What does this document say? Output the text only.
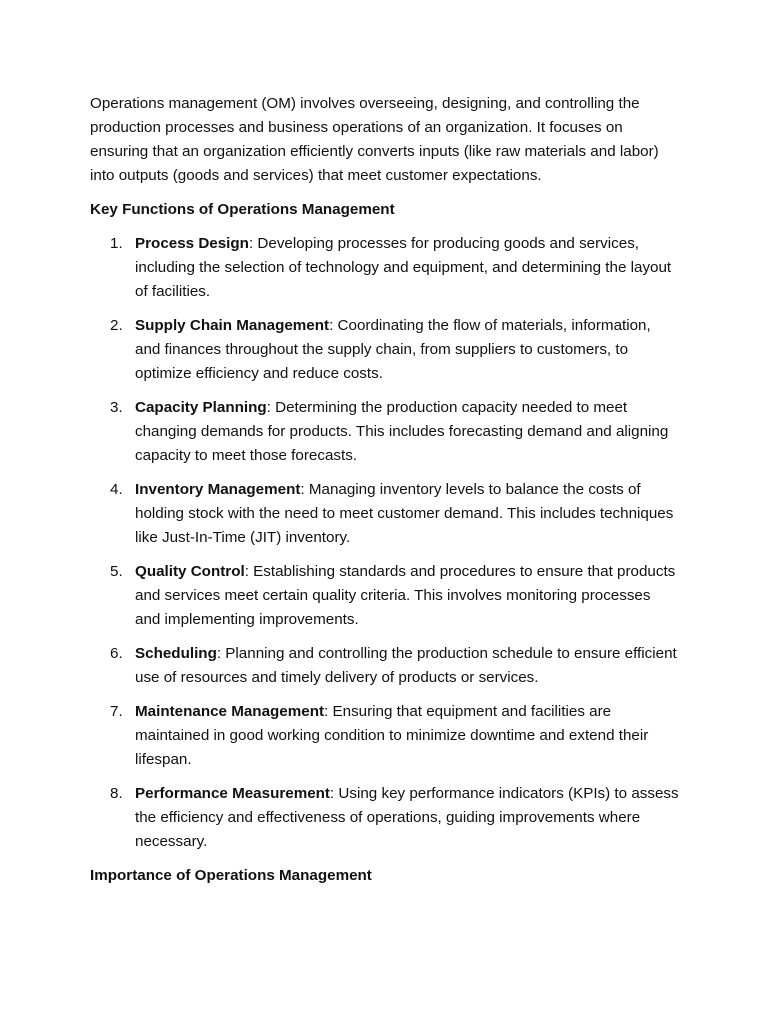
Operations management (OM) involves overseeing, designing, and controlling the production processes and business operations of an organization. It focuses on ensuring that an organization efficiently converts inputs (like raw materials and labor) into outputs (goods and services) that meet customer expectations.

Key Functions of Operations Management

1. Process Design: Developing processes for producing goods and services, including the selection of technology and equipment, and determining the layout of facilities.
2. Supply Chain Management: Coordinating the flow of materials, information, and finances throughout the supply chain, from suppliers to customers, to optimize efficiency and reduce costs.
3. Capacity Planning: Determining the production capacity needed to meet changing demands for products. This includes forecasting demand and aligning capacity to meet those forecasts.
4. Inventory Management: Managing inventory levels to balance the costs of holding stock with the need to meet customer demand. This includes techniques like Just-In-Time (JIT) inventory.
5. Quality Control: Establishing standards and procedures to ensure that products and services meet certain quality criteria. This involves monitoring processes and implementing improvements.
6. Scheduling: Planning and controlling the production schedule to ensure efficient use of resources and timely delivery of products or services.
7. Maintenance Management: Ensuring that equipment and facilities are maintained in good working condition to minimize downtime and extend their lifespan.
8. Performance Measurement: Using key performance indicators (KPIs) to assess the efficiency and effectiveness of operations, guiding improvements where necessary.

Importance of Operations Management
